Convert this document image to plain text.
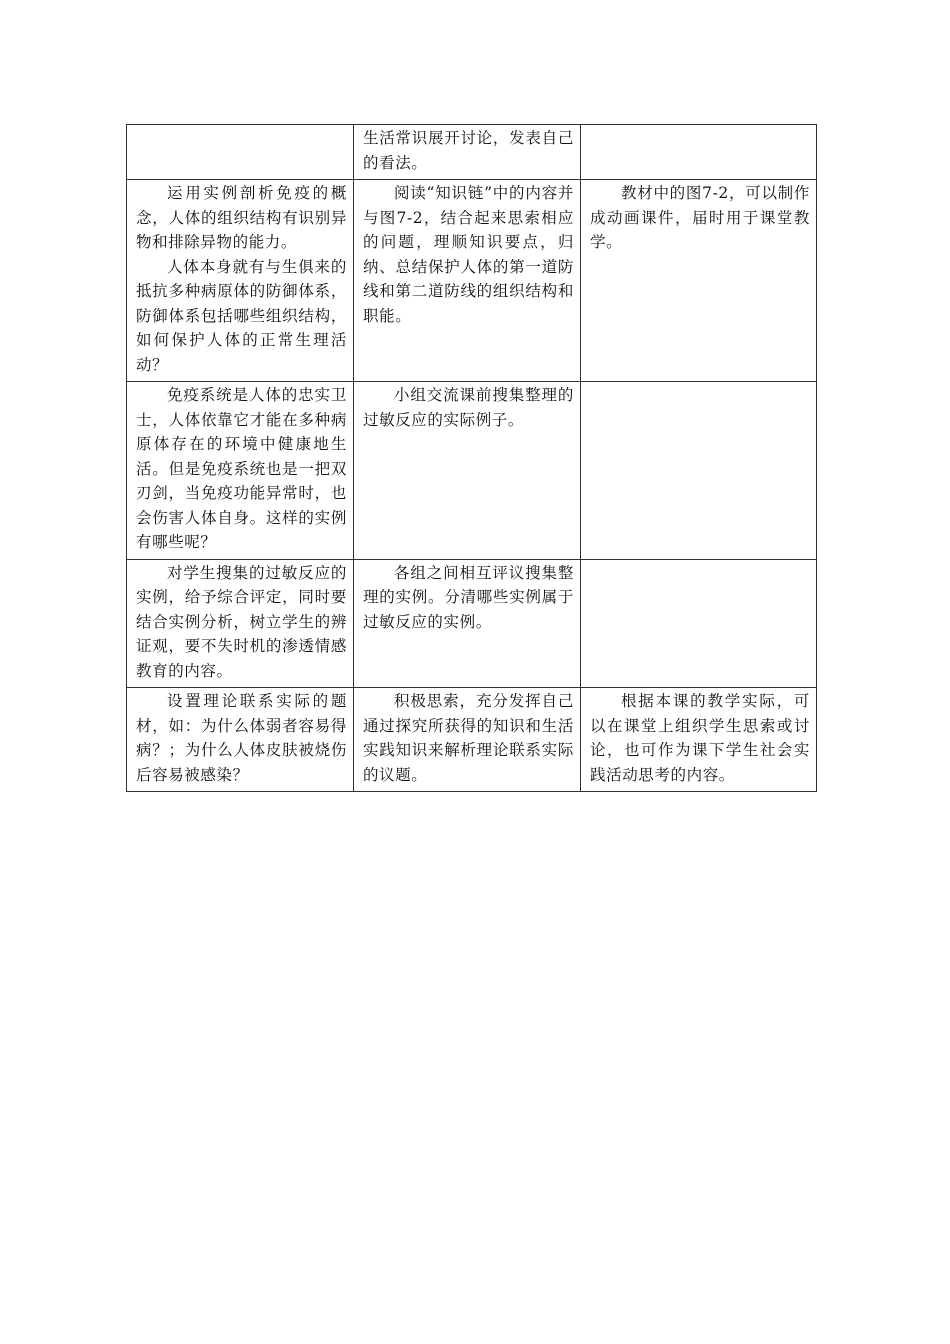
	生活常识展开讨论，发表自己的看法。	

运用实例剖析免疫的概念，人体的组织结构有识别异物和排除异物的能力。
人体本身就有与生俱来的抵抗多种病原体的防御体系，防御体系包括哪些组织结构，如何保护人体的正常生理活动？	阅读“知识链”中的内容并与图7-2，结合起来思索相应的问题，理顺知识要点，归纳、总结保护人体的第一道防线和第二道防线的组织结构和职能。	教材中的图7-2，可以制作成动画课件，届时用于课堂教学。

免疫系统是人体的忠实卫士，人体依靠它才能在多种病原体存在的环境中健康地生活。但是免疫系统也是一把双刃剑，当免疫功能异常时，也会伤害人体自身。这样的实例有哪些呢？	小组交流课前搜集整理的过敏反应的实际例子。	

对学生搜集的过敏反应的实例，给予综合评定，同时要结合实例分析，树立学生的辨证观，要不失时机的渗透情感教育的内容。	各组之间相互评议搜集整理的实例。分清哪些实例属于过敏反应的实例。	

设置理论联系实际的题材，如：为什么体弱者容易得病？；为什么人体皮肤被烧伤后容易被感染？	积极思索，充分发挥自己通过探究所获得的知识和生活实践知识来解析理论联系实际的议题。	根据本课的教学实际，可以在课堂上组织学生思索或讨论，也可作为课下学生社会实践活动思考的内容。
